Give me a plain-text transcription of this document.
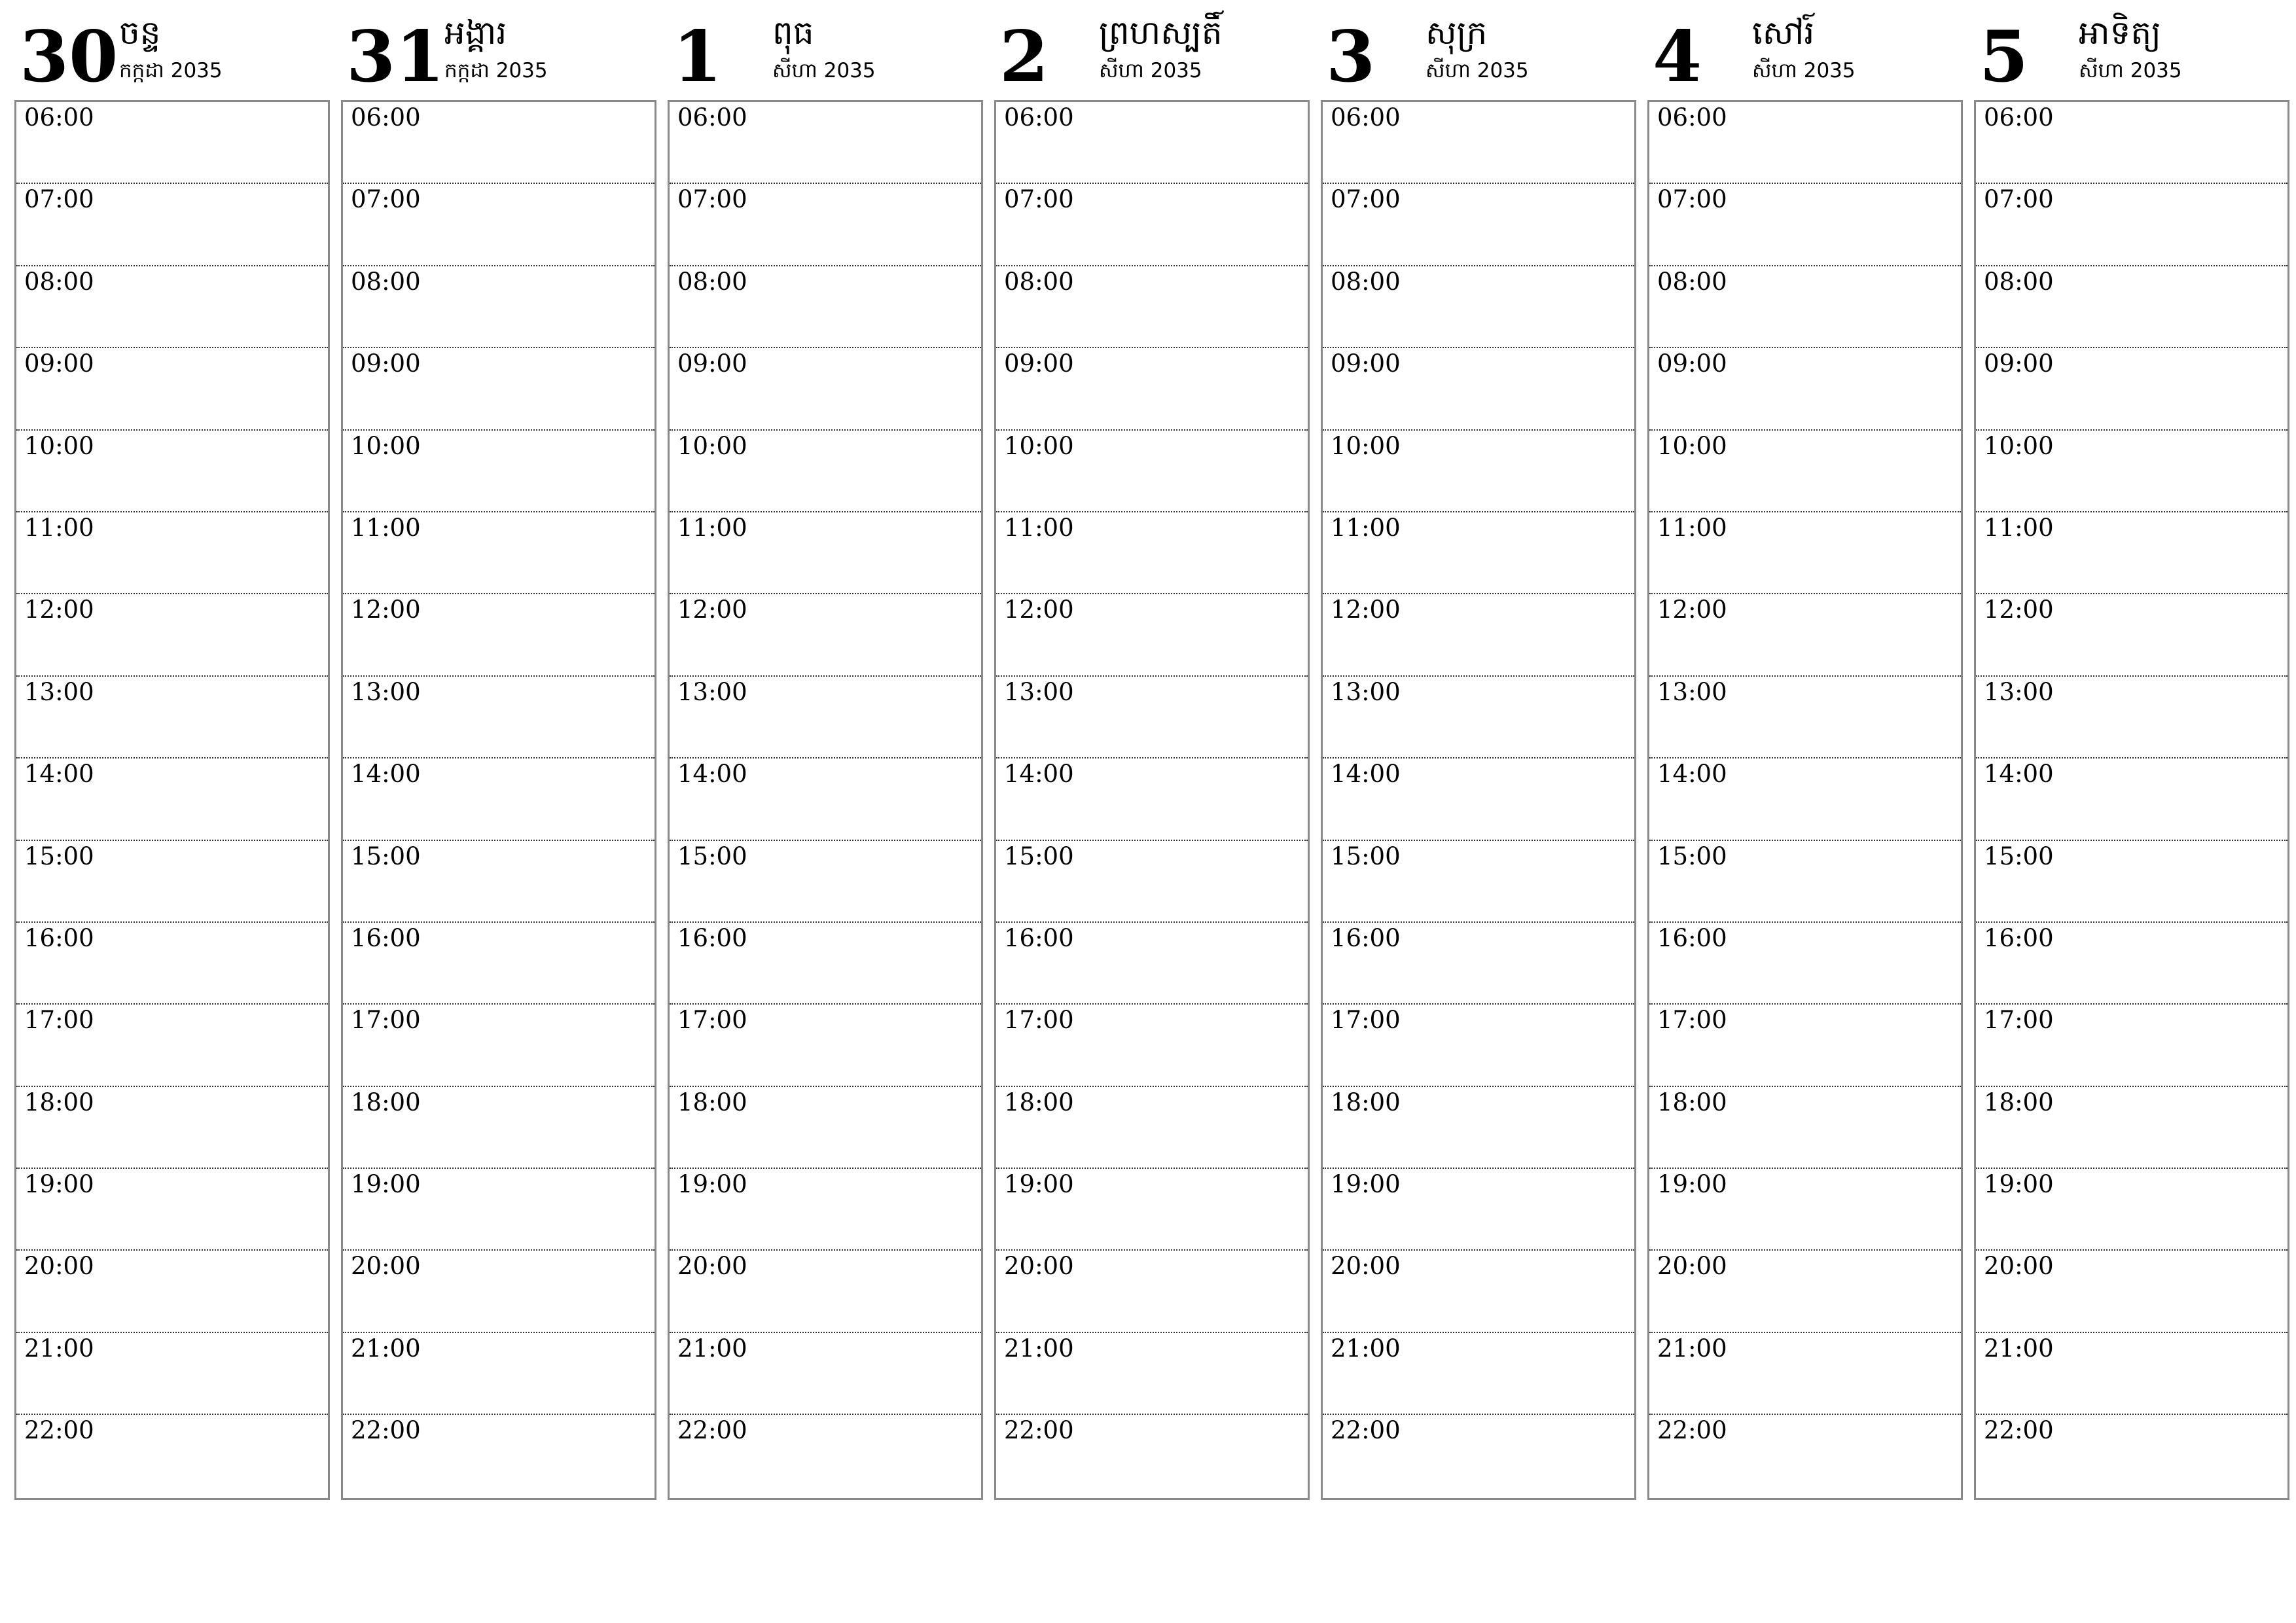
30 ចន្ទ
កក្កដា 2035
06:00
07:00
08:00
09:00
10:00
11:00
12:00
13:00
14:00
15:00
16:00
17:00
18:00
19:00
20:00
21:00
22:00
31 អង្គារ
កក្កដា 2035
06:00
07:00
08:00
09:00
10:00
11:00
12:00
13:00
14:00
15:00
16:00
17:00
18:00
19:00
20:00
21:00
22:00
1 ពុធ
សីហា 2035
06:00
07:00
08:00
09:00
10:00
11:00
12:00
13:00
14:00
15:00
16:00
17:00
18:00
19:00
20:00
21:00
22:00
2 ព្រហស្បតិ៍
សីហា 2035
06:00
07:00
08:00
09:00
10:00
11:00
12:00
13:00
14:00
15:00
16:00
17:00
18:00
19:00
20:00
21:00
22:00
3 សុក្រ
សីហា 2035
06:00
07:00
08:00
09:00
10:00
11:00
12:00
13:00
14:00
15:00
16:00
17:00
18:00
19:00
20:00
21:00
22:00
4 សៅរ៍
សីហា 2035
06:00
07:00
08:00
09:00
10:00
11:00
12:00
13:00
14:00
15:00
16:00
17:00
18:00
19:00
20:00
21:00
22:00
5 អាទិត្យ
សីហា 2035
06:00
07:00
08:00
09:00
10:00
11:00
12:00
13:00
14:00
15:00
16:00
17:00
18:00
19:00
20:00
21:00
22:00
